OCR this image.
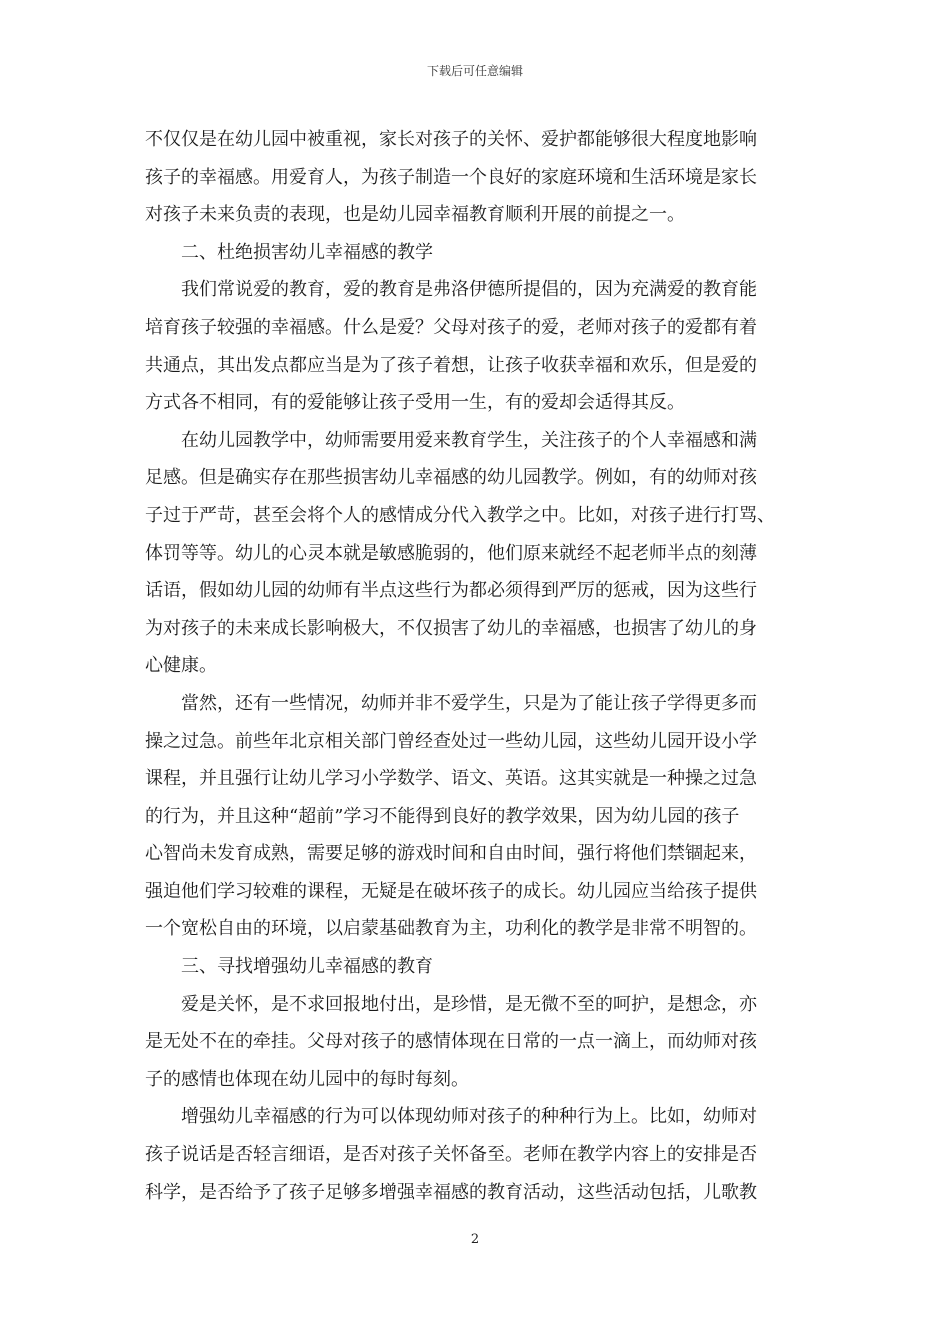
下载后可任意编辑
不仅仅是在幼儿园中被重视，家长对孩子的关怀、爱护都能够很大程度地影响
孩子的幸福感。用爱育人，为孩子制造一个良好的家庭环境和生活环境是家长
对孩子未来负责的表现，也是幼儿园幸福教育顺利开展的前提之一。
二、杜绝损害幼儿幸福感的教学
我们常说爱的教育，爱的教育是弗洛伊德所提倡的，因为充满爱的教育能
培育孩子较强的幸福感。什么是爱？父母对孩子的爱，老师对孩子的爱都有着
共通点，其出发点都应当是为了孩子着想，让孩子收获幸福和欢乐，但是爱的
方式各不相同，有的爱能够让孩子受用一生，有的爱却会适得其反。
在幼儿园教学中，幼师需要用爱来教育学生，关注孩子的个人幸福感和满
足感。但是确实存在那些损害幼儿幸福感的幼儿园教学。例如，有的幼师对孩
子过于严苛，甚至会将个人的感情成分代入教学之中。比如，对孩子进行打骂、
体罚等等。幼儿的心灵本就是敏感脆弱的，他们原来就经不起老师半点的刻薄
话语，假如幼儿园的幼师有半点这些行为都必须得到严厉的惩戒，因为这些行
为对孩子的未来成长影响极大，不仅损害了幼儿的幸福感，也损害了幼儿的身
心健康。
當然，还有一些情况，幼师并非不爱学生，只是为了能让孩子学得更多而
操之过急。前些年北京相关部门曾经查处过一些幼儿园，这些幼儿园开设小学
课程，并且强行让幼儿学习小学数学、语文、英语。这其实就是一种操之过急
的行为，并且这种“超前”学习不能得到良好的教学效果，因为幼儿园的孩子
心智尚未发育成熟，需要足够的游戏时间和自由时间，强行将他们禁锢起来，
强迫他们学习较难的课程，无疑是在破坏孩子的成长。幼儿园应当给孩子提供
一个宽松自由的环境，以启蒙基础教育为主，功利化的教学是非常不明智的。
三、寻找增强幼儿幸福感的教育
爱是关怀，是不求回报地付出，是珍惜，是无微不至的呵护，是想念，亦
是无处不在的牵挂。父母对孩子的感情体现在日常的一点一滴上，而幼师对孩
子的感情也体现在幼儿园中的每时每刻。
增强幼儿幸福感的行为可以体现幼师对孩子的种种行为上。比如，幼师对
孩子说话是否轻言细语，是否对孩子关怀备至。老师在教学内容上的安排是否
科学，是否给予了孩子足够多增强幸福感的教育活动，这些活动包括，儿歌教
2
